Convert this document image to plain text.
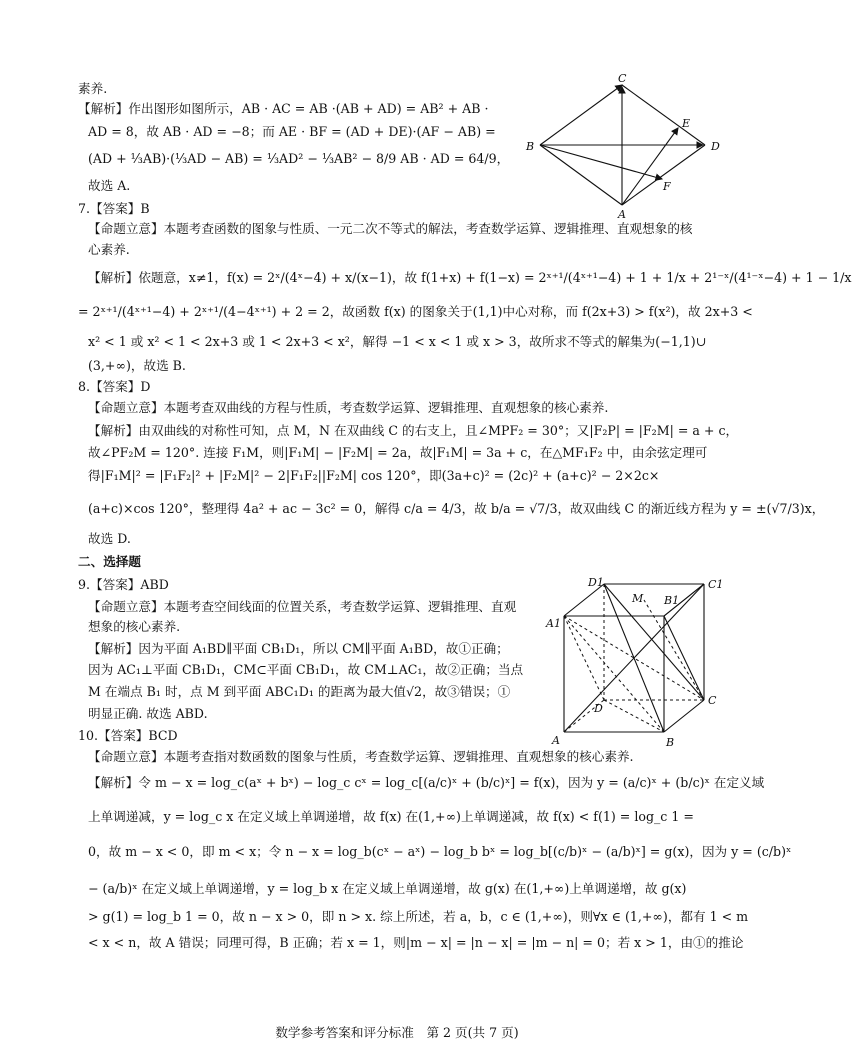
素养.
【解析】作出图形如图所示，AB · AC = AB ·(AB + AD) = AB² + AB ·
AD = 8，故 AB · AD = −8；而 AE · BF = (AD + DE)·(AF − AB) =
(AD + ⅓AB)·(⅓AD − AB) = ⅓AD² − ⅓AB² − 8/9 AB · AD = 64/9，
故选 A.
7.【答案】B
【命题立意】本题考查函数的图象与性质、一元二次不等式的解法，考查数学运算、逻辑推理、直观想象的核
心素养.
【解析】依题意，x≠1，f(x) = 2ˣ/(4ˣ−4) + x/(x−1)，故 f(1+x) + f(1−x) = 2ˣ⁺¹/(4ˣ⁺¹−4) + 1 + 1/x + 2¹⁻ˣ/(4¹⁻ˣ−4) + 1 − 1/x
= 2ˣ⁺¹/(4ˣ⁺¹−4) + 2ˣ⁺¹/(4−4ˣ⁺¹) + 2 = 2，故函数 f(x) 的图象关于(1,1)中心对称，而 f(2x+3) > f(x²)，故 2x+3 <
x² < 1 或 x² < 1 < 2x+3 或 1 < 2x+3 < x²，解得 −1 < x < 1 或 x > 3，故所求不等式的解集为(−1,1)∪
(3,+∞)，故选 B.
8.【答案】D
【命题立意】本题考查双曲线的方程与性质，考查数学运算、逻辑推理、直观想象的核心素养.
【解析】由双曲线的对称性可知，点 M，N 在双曲线 C 的右支上，且∠MPF₂ = 30°；又|F₂P| = |F₂M| = a + c，
故∠PF₂M = 120°. 连接 F₁M，则|F₁M| − |F₂M| = 2a，故|F₁M| = 3a + c，在△MF₁F₂ 中，由余弦定理可
得|F₁M|² = |F₁F₂|² + |F₂M|² − 2|F₁F₂||F₂M| cos 120°，即(3a+c)² = (2c)² + (a+c)² − 2×2c×
(a+c)×cos 120°，整理得 4a² + ac − 3c² = 0，解得 c/a = 4/3，故 b/a = √7/3，故双曲线 C 的渐近线方程为 y = ±(√7/3)x，
故选 D.
二、选择题
9.【答案】ABD
【命题立意】本题考查空间线面的位置关系，考查数学运算、逻辑推理、直观
想象的核心素养.
【解析】因为平面 A₁BD∥平面 CB₁D₁，所以 CM∥平面 A₁BD，故①正确；
因为 AC₁⊥平面 CB₁D₁，CM⊂平面 CB₁D₁，故 CM⊥AC₁，故②正确；当点
M 在端点 B₁ 时，点 M 到平面 ABC₁D₁ 的距离为最大值√2，故③错误；①
明显正确. 故选 ABD.
10.【答案】BCD
【命题立意】本题考查指对数函数的图象与性质，考查数学运算、逻辑推理、直观想象的核心素养.
【解析】令 m − x = log_c(aˣ + bˣ) − log_c cˣ = log_c[(a/c)ˣ + (b/c)ˣ] = f(x)，因为 y = (a/c)ˣ + (b/c)ˣ 在定义域
上单调递减，y = log_c x 在定义域上单调递增，故 f(x) 在(1,+∞)上单调递减，故 f(x) < f(1) = log_c 1 =
0，故 m − x < 0，即 m < x；令 n − x = log_b(cˣ − aˣ) − log_b bˣ = log_b[(c/b)ˣ − (a/b)ˣ] = g(x)，因为 y = (c/b)ˣ
− (a/b)ˣ 在定义域上单调递增，y = log_b x 在定义域上单调递增，故 g(x) 在(1,+∞)上单调递增，故 g(x)
> g(1) = log_b 1 = 0，故 n − x > 0，即 n > x. 综上所述，若 a，b，c ∈ (1,+∞)，则∀x ∈ (1,+∞)，都有 1 < m
< x < n，故 A 错误；同理可得，B 正确；若 x = 1，则|m − x| = |n − x| = |m − n| = 0；若 x > 1，由①的推论
C
B	D
A
E
F
D1	C1
M B1
A1
D
C
A	B
数学参考答案和评分标准　第 2 页(共 7 页)
